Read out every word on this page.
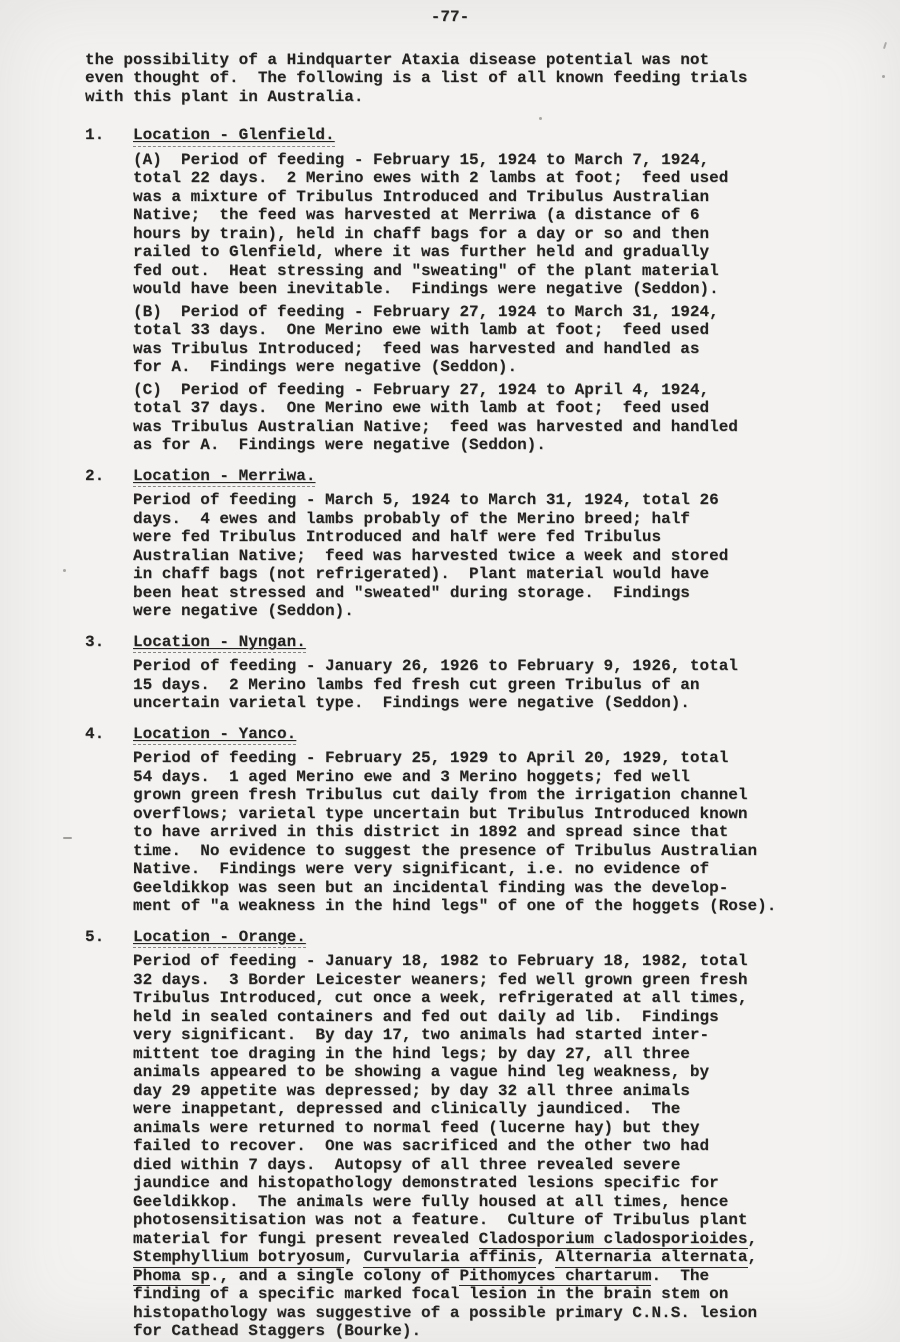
-77-
the possibility of a Hindquarter Ataxia disease potential was not
even thought of.  The following is a list of all known feeding trials
with this plant in Australia.
1.	Location - Glenfield.
(A)  Period of feeding - February 15, 1924 to March 7, 1924,
total 22 days.  2 Merino ewes with 2 lambs at foot;  feed used
was a mixture of Tribulus Introduced and Tribulus Australian
Native;  the feed was harvested at Merriwa (a distance of 6
hours by train), held in chaff bags for a day or so and then
railed to Glenfield, where it was further held and gradually
fed out.  Heat stressing and "sweating" of the plant material
would have been inevitable.  Findings were negative (Seddon).
(B)  Period of feeding - February 27, 1924 to March 31, 1924,
total 33 days.  One Merino ewe with lamb at foot;  feed used
was Tribulus Introduced;  feed was harvested and handled as
for A.  Findings were negative (Seddon).
(C)  Period of feeding - February 27, 1924 to April 4, 1924,
total 37 days.  One Merino ewe with lamb at foot;  feed used
was Tribulus Australian Native;  feed was harvested and handled
as for A.  Findings were negative (Seddon).
2.	Location - Merriwa.
Period of feeding - March 5, 1924 to March 31, 1924, total 26
days.  4 ewes and lambs probably of the Merino breed; half
were fed Tribulus Introduced and half were fed Tribulus
Australian Native;  feed was harvested twice a week and stored
in chaff bags (not refrigerated).  Plant material would have
been heat stressed and "sweated" during storage.  Findings
were negative (Seddon).
3.	Location - Nyngan.
Period of feeding - January 26, 1926 to February 9, 1926, total
15 days.  2 Merino lambs fed fresh cut green Tribulus of an
uncertain varietal type.  Findings were negative (Seddon).
4.	Location - Yanco.
Period of feeding - February 25, 1929 to April 20, 1929, total
54 days.  1 aged Merino ewe and 3 Merino hoggets; fed well
grown green fresh Tribulus cut daily from the irrigation channel
overflows; varietal type uncertain but Tribulus Introduced known
to have arrived in this district in 1892 and spread since that
time.  No evidence to suggest the presence of Tribulus Australian
Native.  Findings were very significant, i.e. no evidence of
Geeldikkop was seen but an incidental finding was the develop-
ment of "a weakness in the hind legs" of one of the hoggets (Rose).
5.	Location - Orange.
Period of feeding - January 18, 1982 to February 18, 1982, total
32 days.  3 Border Leicester weaners; fed well grown green fresh
Tribulus Introduced, cut once a week, refrigerated at all times,
held in sealed containers and fed out daily ad lib.  Findings
very significant.  By day 17, two animals had started inter-
mittent toe draging in the hind legs; by day 27, all three
animals appeared to be showing a vague hind leg weakness, by
day 29 appetite was depressed; by day 32 all three animals
were inappetant, depressed and clinically jaundiced.  The
animals were returned to normal feed (lucerne hay) but they
failed to recover.  One was sacrificed and the other two had
died within 7 days.  Autopsy of all three revealed severe
jaundice and histopathology demonstrated lesions specific for
Geeldikkop.  The animals were fully housed at all times, hence
photosensitisation was not a feature.  Culture of Tribulus plant
material for fungi present revealed Cladosporium cladosporioides,
Stemphyllium botryosum, Curvularia affinis, Alternaria alternata,
Phoma sp., and a single colony of Pithomyces chartarum.  The
finding of a specific marked focal lesion in the brain stem on
histopathology was suggestive of a possible primary C.N.S. lesion
for Cathead Staggers (Bourke).
